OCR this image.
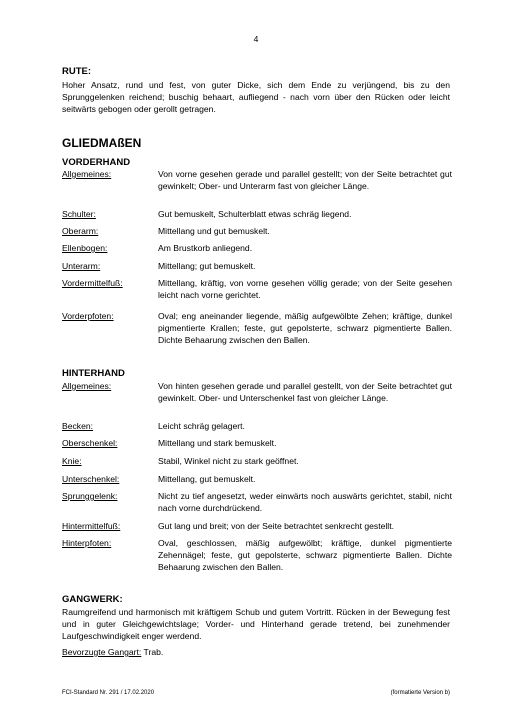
4
RUTE:
Hoher Ansatz, rund und fest, von guter Dicke, sich dem Ende zu verjüngend, bis zu den Sprunggelenken reichend; buschig behaart, aufliegend - nach vorn über den Rücken oder leicht seitwärts gebogen oder gerollt getragen.
GLIEDMAßEN
VORDERHAND
Allgemeines:	Von vorne gesehen gerade und parallel gestellt; von der Seite betrachtet gut gewinkelt; Ober- und Unterarm fast von gleicher Länge.
Schulter:	Gut bemuskelt, Schulterblatt etwas schräg liegend.
Oberarm:	Mittellang und gut bemuskelt.
Ellenbogen:	Am Brustkorb anliegend.
Unterarm:	Mittellang; gut bemuskelt.
Vordermittelfuß:	Mittellang, kräftig, von vorne gesehen völlig gerade; von der Seite gesehen leicht nach vorne gerichtet.
Vorderpfoten:	Oval; eng aneinander liegende, mäßig aufgewölbte Zehen; kräftige, dunkel pigmentierte Krallen; feste, gut gepolsterte, schwarz pigmentierte Ballen. Dichte Behaarung zwischen den Ballen.
HINTERHAND
Allgemeines:	Von hinten gesehen gerade und parallel gestellt, von der Seite betrachtet gut gewinkelt. Ober- und Unterschenkel fast von gleicher Länge.
Becken:	Leicht schräg gelagert.
Oberschenkel:	Mittellang und stark bemuskelt.
Knie:	Stabil, Winkel nicht zu stark geöffnet.
Unterschenkel:	Mittellang, gut bemuskelt.
Sprunggelenk:	Nicht zu tief angesetzt, weder einwärts noch auswärts gerichtet, stabil, nicht nach vorne durchdrückend.
Hintermittelfuß:	Gut lang und breit; von der Seite betrachtet senkrecht gestellt.
Hinterpfoten:	Oval, geschlossen, mäßig aufgewölbt; kräftige, dunkel pigmentierte Zehennägel; feste, gut gepolsterte, schwarz pigmentierte Ballen. Dichte Behaarung zwischen den Ballen.
GANGWERK:
Raumgreifend und harmonisch mit kräftigem Schub und gutem Vortritt. Rücken in der Bewegung fest und in guter Gleichgewichtslage; Vorder- und Hinterhand gerade tretend, bei zunehmender Laufgeschwindigkeit enger werdend.
Bevorzugte Gangart: Trab.
FCI-Standard Nr. 291 / 17.02.2020	(formatierte Version b)
